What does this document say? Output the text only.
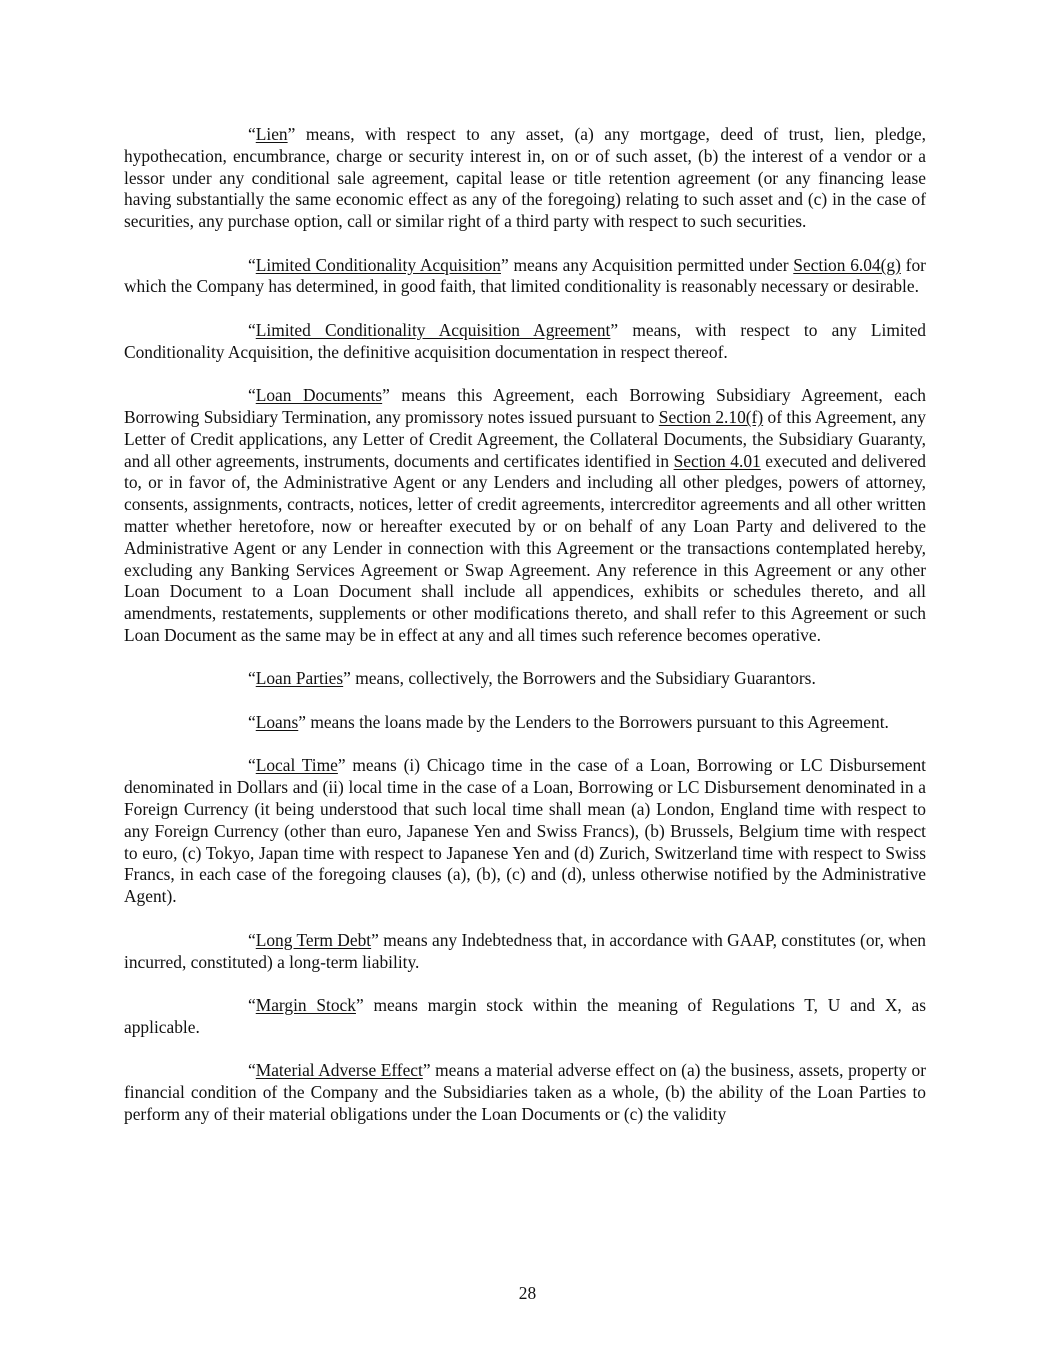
“Lien” means, with respect to any asset, (a) any mortgage, deed of trust, lien, pledge, hypothecation, encumbrance, charge or security interest in, on or of such asset, (b) the interest of a vendor or a lessor under any conditional sale agreement, capital lease or title retention agreement (or any financing lease having substantially the same economic effect as any of the foregoing) relating to such asset and (c) in the case of securities, any purchase option, call or similar right of a third party with respect to such securities.

“Limited Conditionality Acquisition” means any Acquisition permitted under Section 6.04(g) for which the Company has determined, in good faith, that limited conditionality is reasonably necessary or desirable.

“Limited Conditionality Acquisition Agreement” means, with respect to any Limited Conditionality Acquisition, the definitive acquisition documentation in respect thereof.

“Loan Documents” means this Agreement, each Borrowing Subsidiary Agreement, each Borrowing Subsidiary Termination, any promissory notes issued pursuant to Section 2.10(f) of this Agreement, any Letter of Credit applications, any Letter of Credit Agreement, the Collateral Documents, the Subsidiary Guaranty, and all other agreements, instruments, documents and certificates identified in Section 4.01 executed and delivered to, or in favor of, the Administrative Agent or any Lenders and including all other pledges, powers of attorney, consents, assignments, contracts, notices, letter of credit agreements, intercreditor agreements and all other written matter whether heretofore, now or hereafter executed by or on behalf of any Loan Party and delivered to the Administrative Agent or any Lender in connection with this Agreement or the transactions contemplated hereby, excluding any Banking Services Agreement or Swap Agreement. Any reference in this Agreement or any other Loan Document to a Loan Document shall include all appendices, exhibits or schedules thereto, and all amendments, restatements, supplements or other modifications thereto, and shall refer to this Agreement or such Loan Document as the same may be in effect at any and all times such reference becomes operative.

“Loan Parties” means, collectively, the Borrowers and the Subsidiary Guarantors.

“Loans” means the loans made by the Lenders to the Borrowers pursuant to this Agreement.

“Local Time” means (i) Chicago time in the case of a Loan, Borrowing or LC Disbursement denominated in Dollars and (ii) local time in the case of a Loan, Borrowing or LC Disbursement denominated in a Foreign Currency (it being understood that such local time shall mean (a) London, England time with respect to any Foreign Currency (other than euro, Japanese Yen and Swiss Francs), (b) Brussels, Belgium time with respect to euro, (c) Tokyo, Japan time with respect to Japanese Yen and (d) Zurich, Switzerland time with respect to Swiss Francs, in each case of the foregoing clauses (a), (b), (c) and (d), unless otherwise notified by the Administrative Agent).

“Long Term Debt” means any Indebtedness that, in accordance with GAAP, constitutes (or, when incurred, constituted) a long-term liability.

“Margin Stock” means margin stock within the meaning of Regulations T, U and X, as applicable.

“Material Adverse Effect” means a material adverse effect on (a) the business, assets, property or financial condition of the Company and the Subsidiaries taken as a whole, (b) the ability of the Loan Parties to perform any of their material obligations under the Loan Documents or (c) the validity

28
